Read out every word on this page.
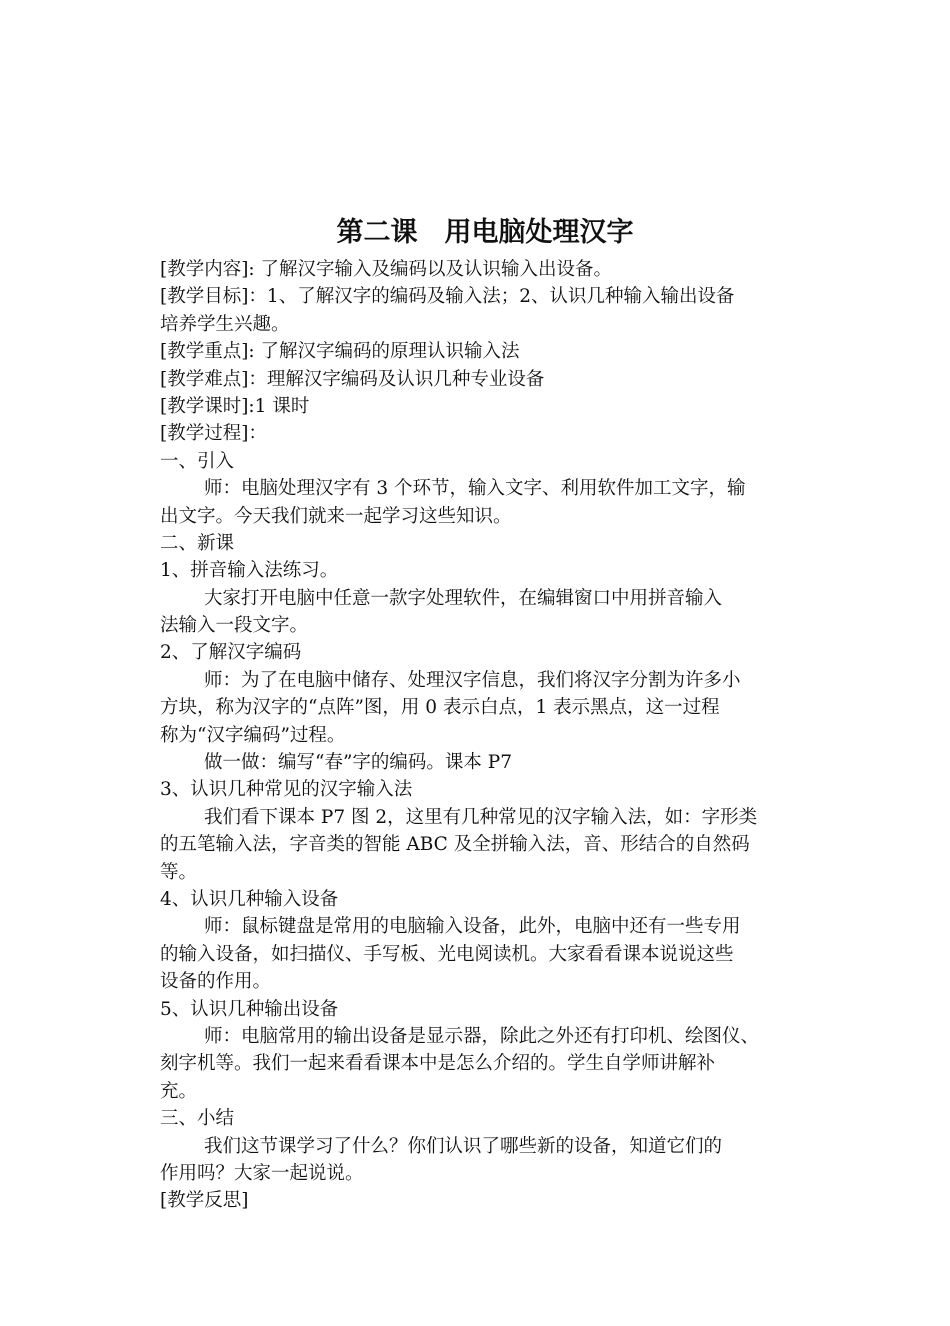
第二课　用电脑处理汉字
[教学内容]: 了解汉字输入及编码以及认识输入出设备。
[教学目标]：1、了解汉字的编码及输入法；2、认识几种输入输出设备
培养学生兴趣。
[教学重点]: 了解汉字编码的原理认识输入法
[教学难点]：理解汉字编码及认识几种专业设备
[教学课时]:1 课时
[教学过程]：
一、引入
师：电脑处理汉字有 3 个环节，输入文字、利用软件加工文字，输
出文字。今天我们就来一起学习这些知识。
二、新课
1、拼音输入法练习。
大家打开电脑中任意一款字处理软件，在编辑窗口中用拼音输入
法输入一段文字。
2、了解汉字编码
师：为了在电脑中储存、处理汉字信息，我们将汉字分割为许多小
方块，称为汉字的“点阵”图，用 0 表示白点，1 表示黑点，这一过程
称为“汉字编码”过程。
做一做：编写“春”字的编码。课本 P7
3、认识几种常见的汉字输入法
我们看下课本 P7 图 2，这里有几种常见的汉字输入法，如：字形类
的五笔输入法，字音类的智能 ABC 及全拼输入法，音、形结合的自然码
等。
4、认识几种输入设备
师：鼠标键盘是常用的电脑输入设备，此外，电脑中还有一些专用
的输入设备，如扫描仪、手写板、光电阅读机。大家看看课本说说这些
设备的作用。
5、认识几种输出设备
师：电脑常用的输出设备是显示器，除此之外还有打印机、绘图仪、
刻字机等。我们一起来看看课本中是怎么介绍的。学生自学师讲解补
充。
三、小结
我们这节课学习了什么？你们认识了哪些新的设备，知道它们的
作用吗？大家一起说说。
[教学反思]
